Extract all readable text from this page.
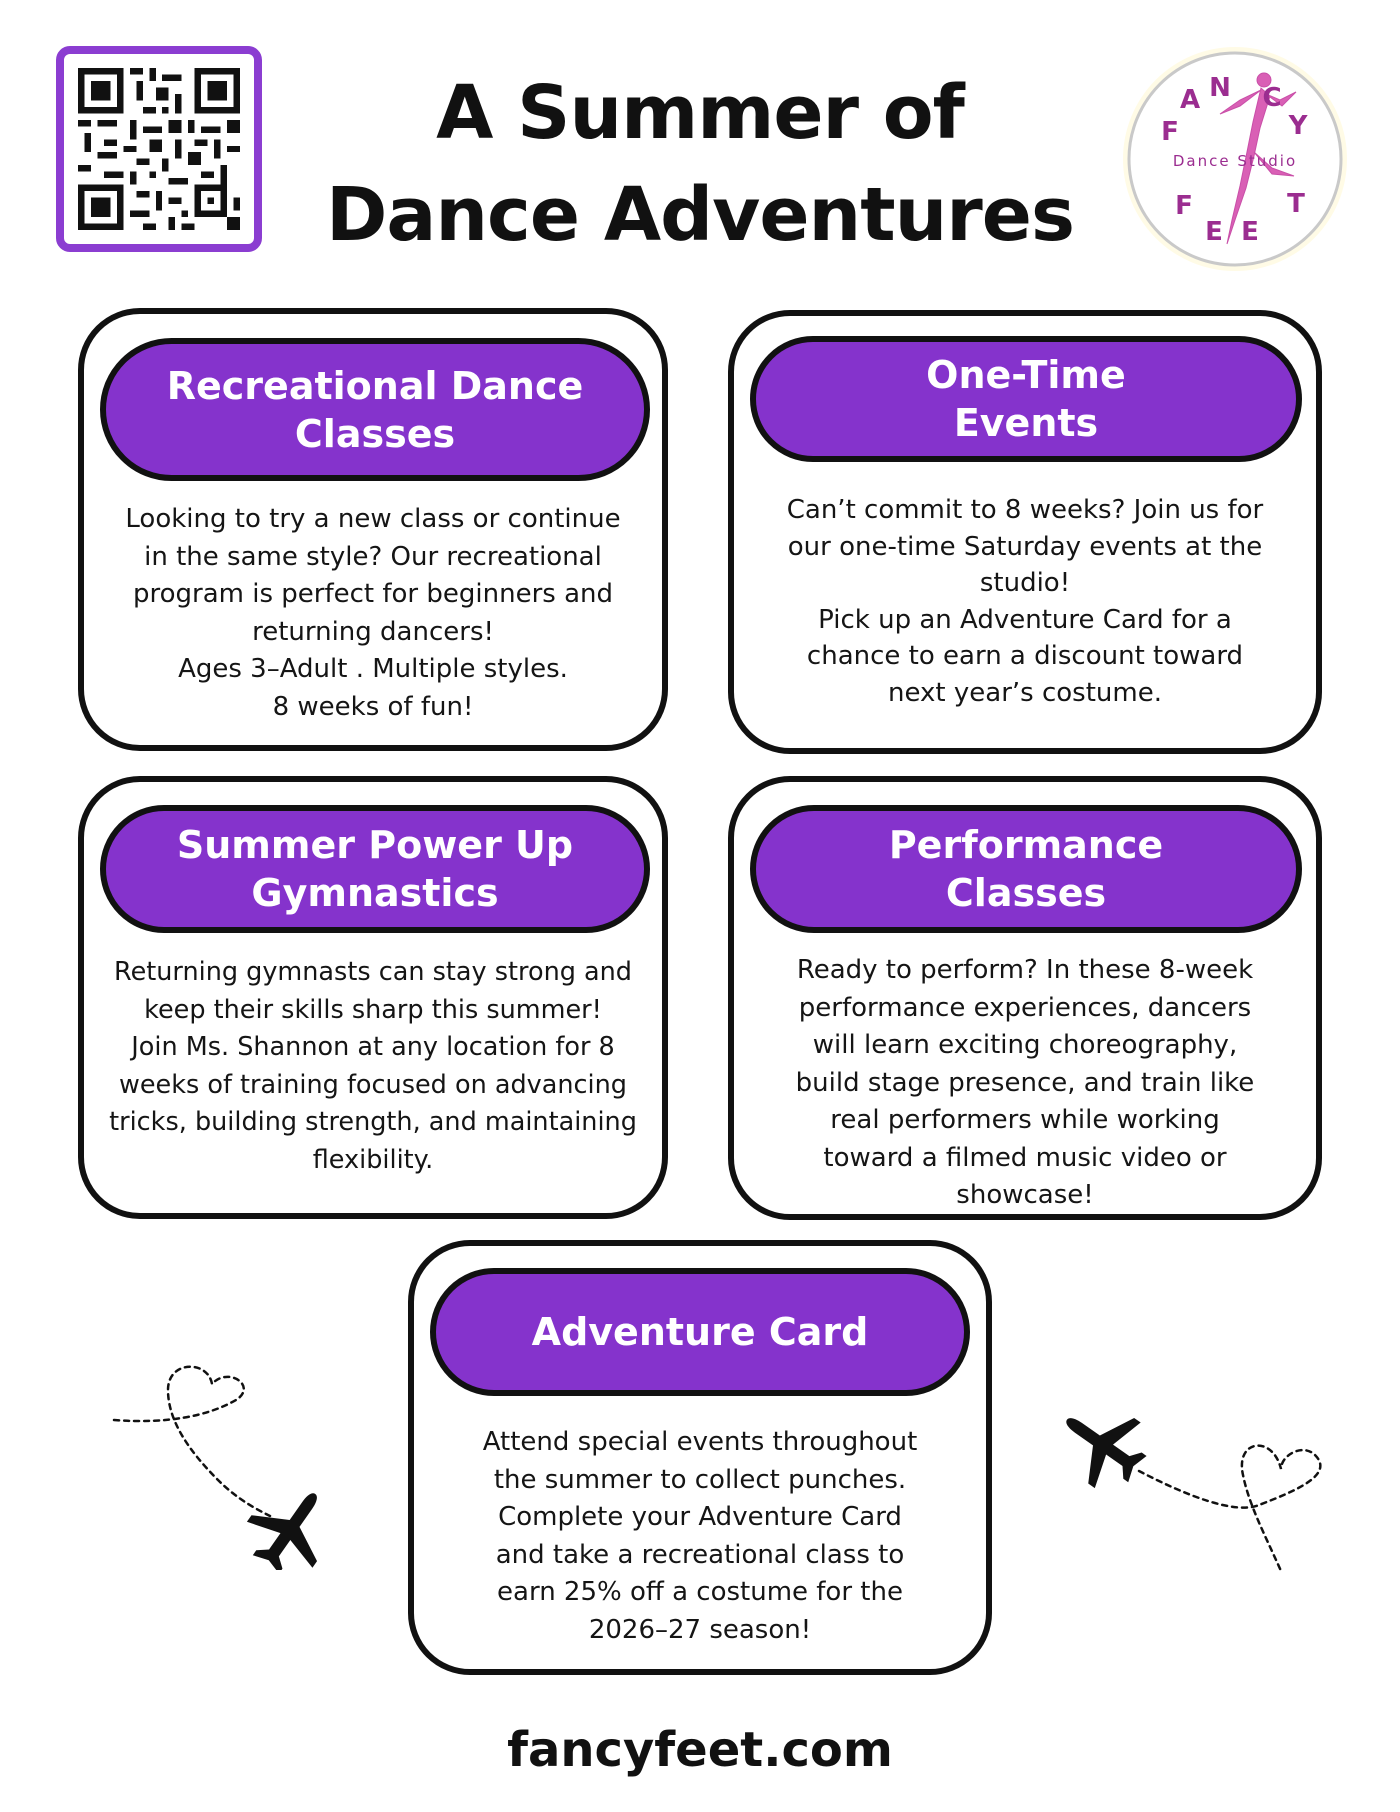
A Summer of
Dance Adventures
F
A N C
Y
F
E E
T
Dance Studio
Recreational Dance Classes
Looking to try a new class or continue
in the same style? Our recreational
program is perfect for beginners and
returning dancers!
Ages 3–Adult . Multiple styles.
8 weeks of fun!
One-Time Events
Can’t commit to 8 weeks? Join us for
our one-time Saturday events at the
studio!
Pick up an Adventure Card for a
chance to earn a discount toward
next year’s costume.
Summer Power Up Gymnastics
Returning gymnasts can stay strong and
keep their skills sharp this summer!
Join Ms. Shannon at any location for 8
weeks of training focused on advancing
tricks, building strength, and maintaining
flexibility.
Performance Classes
Ready to perform? In these 8-week
performance experiences, dancers
will learn exciting choreography,
build stage presence, and train like
real performers while working
toward a filmed music video or
showcase!
Adventure Card
Attend special events throughout
the summer to collect punches.
Complete your Adventure Card
and take a recreational class to
earn 25% off a costume for the
2026–27 season!
fancyfeet.com
